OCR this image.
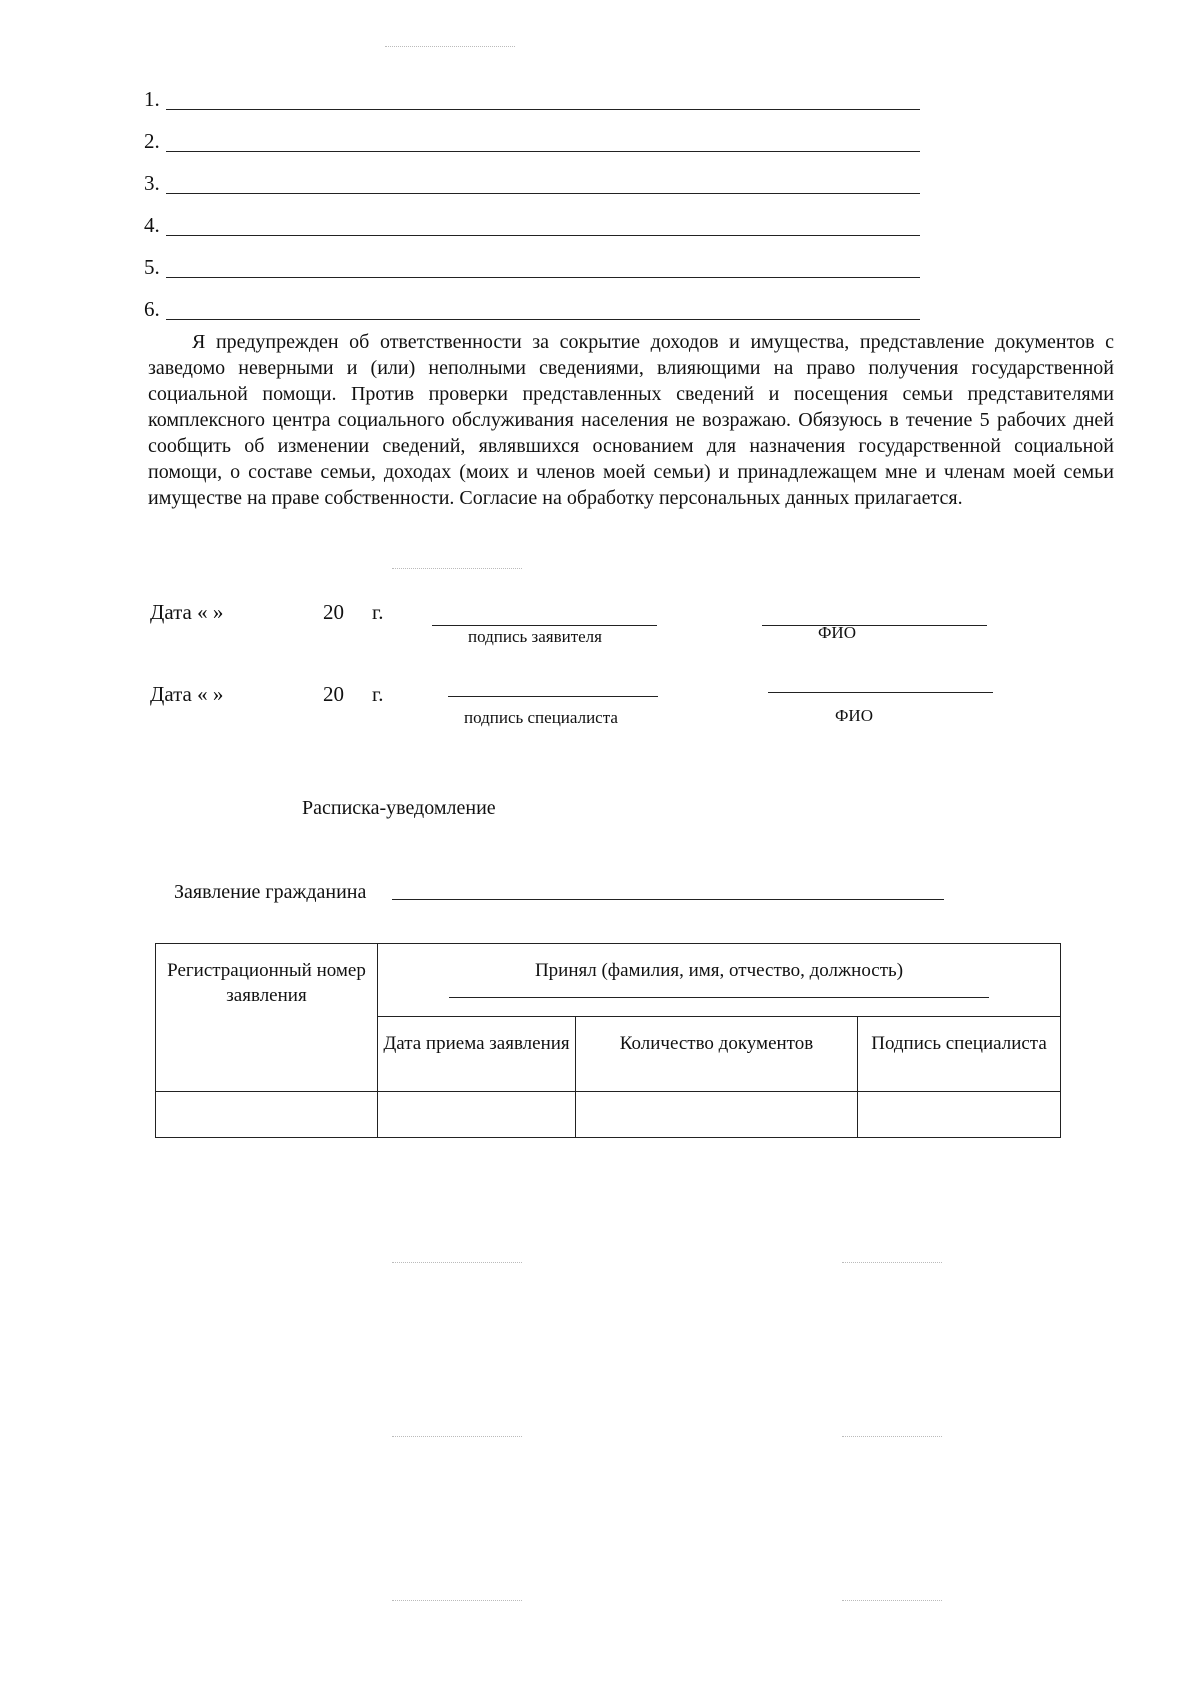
1.
2.
3.
4.
5.
6.
Я предупрежден об ответственности за сокрытие доходов и имущества, представление документов с заведомо неверными и (или) неполными сведениями, влияющими на право получения государственной социальной помощи. Против проверки представленных сведений и посещения семьи представителями комплексного центра социального обслуживания населения не возражаю. Обязуюсь в течение 5 рабочих дней сообщить об изменении сведений, являвшихся основанием для назначения государственной социальной помощи, о составе семьи, доходах (моих и членов моей семьи) и принадлежащем мне и членам моей семьи имуществе на праве собственности. Согласие на обработку персональных данных прилагается.
Дата « »	20 г.
подпись заявителя	ФИО
Дата « »	20 г.
подпись специалиста	ФИО
Расписка-уведомление
Заявление гражданина
Регистрационный номер заявления	Принял (фамилия, имя, отчество, должность)		

	Дата приема заявления	Количество документов	Подпись специалиста
